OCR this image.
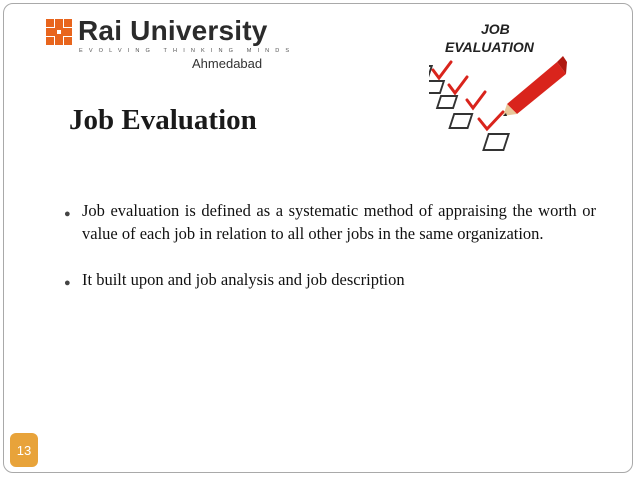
Rai University
EVOLVING THINKING MINDS
Ahmedabad
JOB
EVALUATION
Job Evaluation
● Job evaluation is defined as a systematic method of appraising the worth or value of each job in relation to all other jobs in the same organization.
● It built upon and job analysis and job description
13
